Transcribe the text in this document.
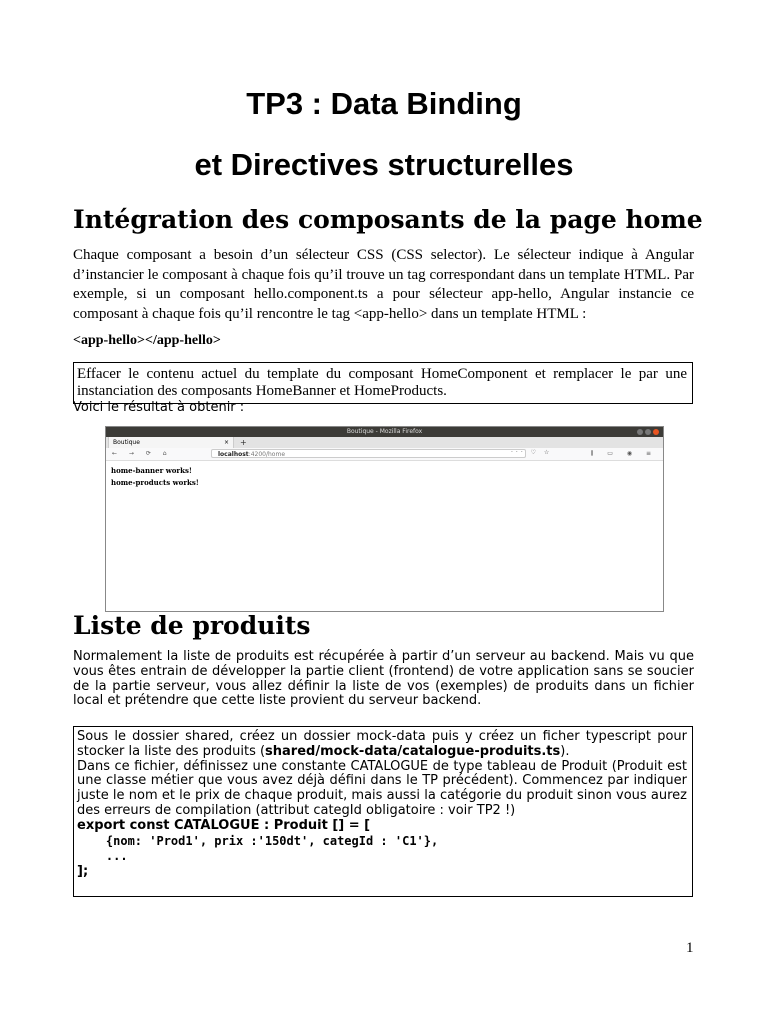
TP3 : Data Binding
et Directives structurelles
Intégration des composants de la page home
Chaque composant a besoin d’un sélecteur CSS (CSS selector). Le sélecteur indique à Angular d’instancier le composant à chaque fois qu’il trouve un tag correspondant dans un template HTML. Par exemple, si un composant hello.component.ts a pour sélecteur app-hello, Angular instancie ce composant à chaque fois qu’il rencontre le tag <app-hello> dans un template HTML :
<app-hello></app-hello>
Effacer le contenu actuel du template du composant HomeComponent et remplacer le par une instanciation des composants HomeBanner et HomeProducts.
Voici le résultat à obtenir :
Boutique - Mozilla Firefox
Boutique	× +
← → ⟳ ⌂	localhost:4200/home	··· ♡ ☆	⫼ ▭ ◉ ≡
home-banner works!
home-products works!
Liste de produits
Normalement la liste de produits est récupérée à partir d’un serveur au backend. Mais vu que vous êtes entrain de développer la partie client (frontend) de votre application sans se soucier de la partie serveur, vous allez définir la liste de vos (exemples) de produits dans un fichier local et prétendre que cette liste provient du serveur backend.
Sous le dossier shared, créez un dossier mock-data puis y créez un ficher typescript pour stocker la liste des produits (shared/mock-data/catalogue-produits.ts).
Dans ce fichier, définissez une constante CATALOGUE de type tableau de Produit (Produit est une classe métier que vous avez déjà défini dans le TP précédent). Commencez par indiquer juste le nom et le prix de chaque produit, mais aussi la catégorie du produit sinon vous aurez des erreurs de compilation (attribut categId obligatoire : voir TP2 !)
export const CATALOGUE : Produit [] = [
{nom: 'Prod1', prix :'150dt', categId : 'C1'},
...
];
1
